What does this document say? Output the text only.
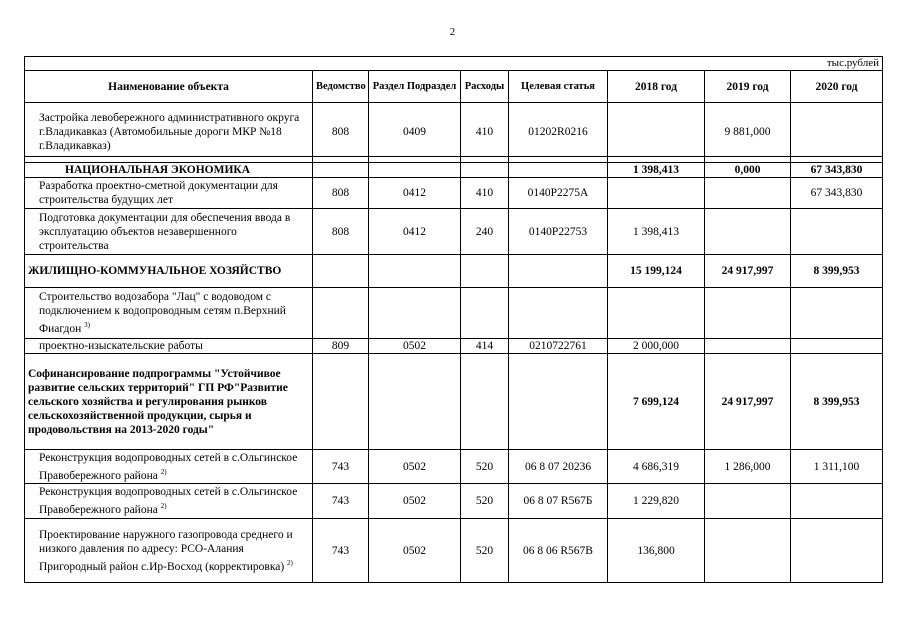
2
тыс.рублей							
Наименование объекта	Ведомство	Раздел Подраздел	Расходы	Целевая статья	2018 год	2019 год	2020 год

Застройка левобережного административного округа г.Владикавказ (Автомобильные дороги МКР №18 г.Владикавказ)	808	0409	410	01202R0216		9 881,000	

НАЦИОНАЛЬНАЯ ЭКОНОМИКА					1 398,413	0,000	67 343,830
Разработка проектно-сметной документации для строительства будущих лет	808	0412	410	0140P2275A			67 343,830
Подготовка документации для обеспечения ввода в эксплуатацию объектов незавершенного строительства	808	0412	240	0140P22753	1 398,413		
ЖИЛИЩНО-КОММУНАЛЬНОЕ ХОЗЯЙСТВО					15 199,124	24 917,997	8 399,953
Строительство водозабора "Лац" с водоводом с подключением к водопроводным сетям п.Верхний Фиагдон $^{3)}$							
проектно-изыскательские работы	809	0502	414	0210722761	2 000,000		
Софинансирование подпрограммы "Устойчивое развитие сельских территорий" ГП РФ"Развитие сельского хозяйства и регулирования рынков сельскохозяйственной продукции, сырья и продовольствия на 2013-2020 годы"					7 699,124	24 917,997	8 399,953
Реконструкция водопроводных сетей в с.Ольгинское Правобережного района $^{2)}$	743	0502	520	06 8 07 20236	4 686,319	1 286,000	1 311,100
Реконструкция водопроводных сетей в с.Ольгинское Правобережного района $^{2)}$	743	0502	520	06 8 07 R567Б	1 229,820		
Проектирование наружного газопровода среднего и низкого давления по адресу: РСО-Алания Пригородный район с.Ир-Восход (корректировка) $^{2)}$	743	0502	520	06 8 06 R567В	136,800		
